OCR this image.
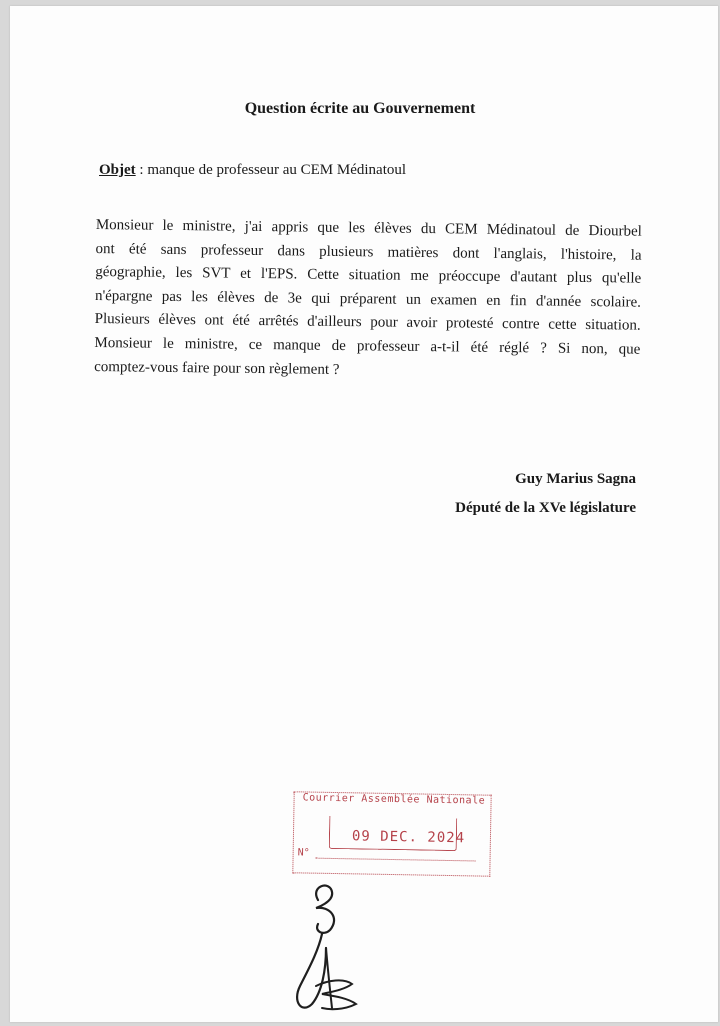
Question écrite au Gouvernement
Objet : manque de professeur au CEM Médinatoul

Monsieur le ministre, j'ai appris que les élèves du CEM Médinatoul de Diourbel

ont été sans professeur dans plusieurs matières dont l'anglais, l'histoire, la

géographie, les SVT et l'EPS. Cette situation me préoccupe d'autant plus qu'elle

n'épargne pas les élèves de 3e qui préparent un examen en fin d'année scolaire.

Plusieurs élèves ont été arrêtés d'ailleurs pour avoir protesté contre cette situation.

Monsieur le ministre, ce manque de professeur a-t-il été réglé ? Si non, que

comptez-vous faire pour son règlement ?

Guy Marius Sagna
Député de la XVe législature
Courrier Assemblée Nationale
09 DEC. 2024
N°
